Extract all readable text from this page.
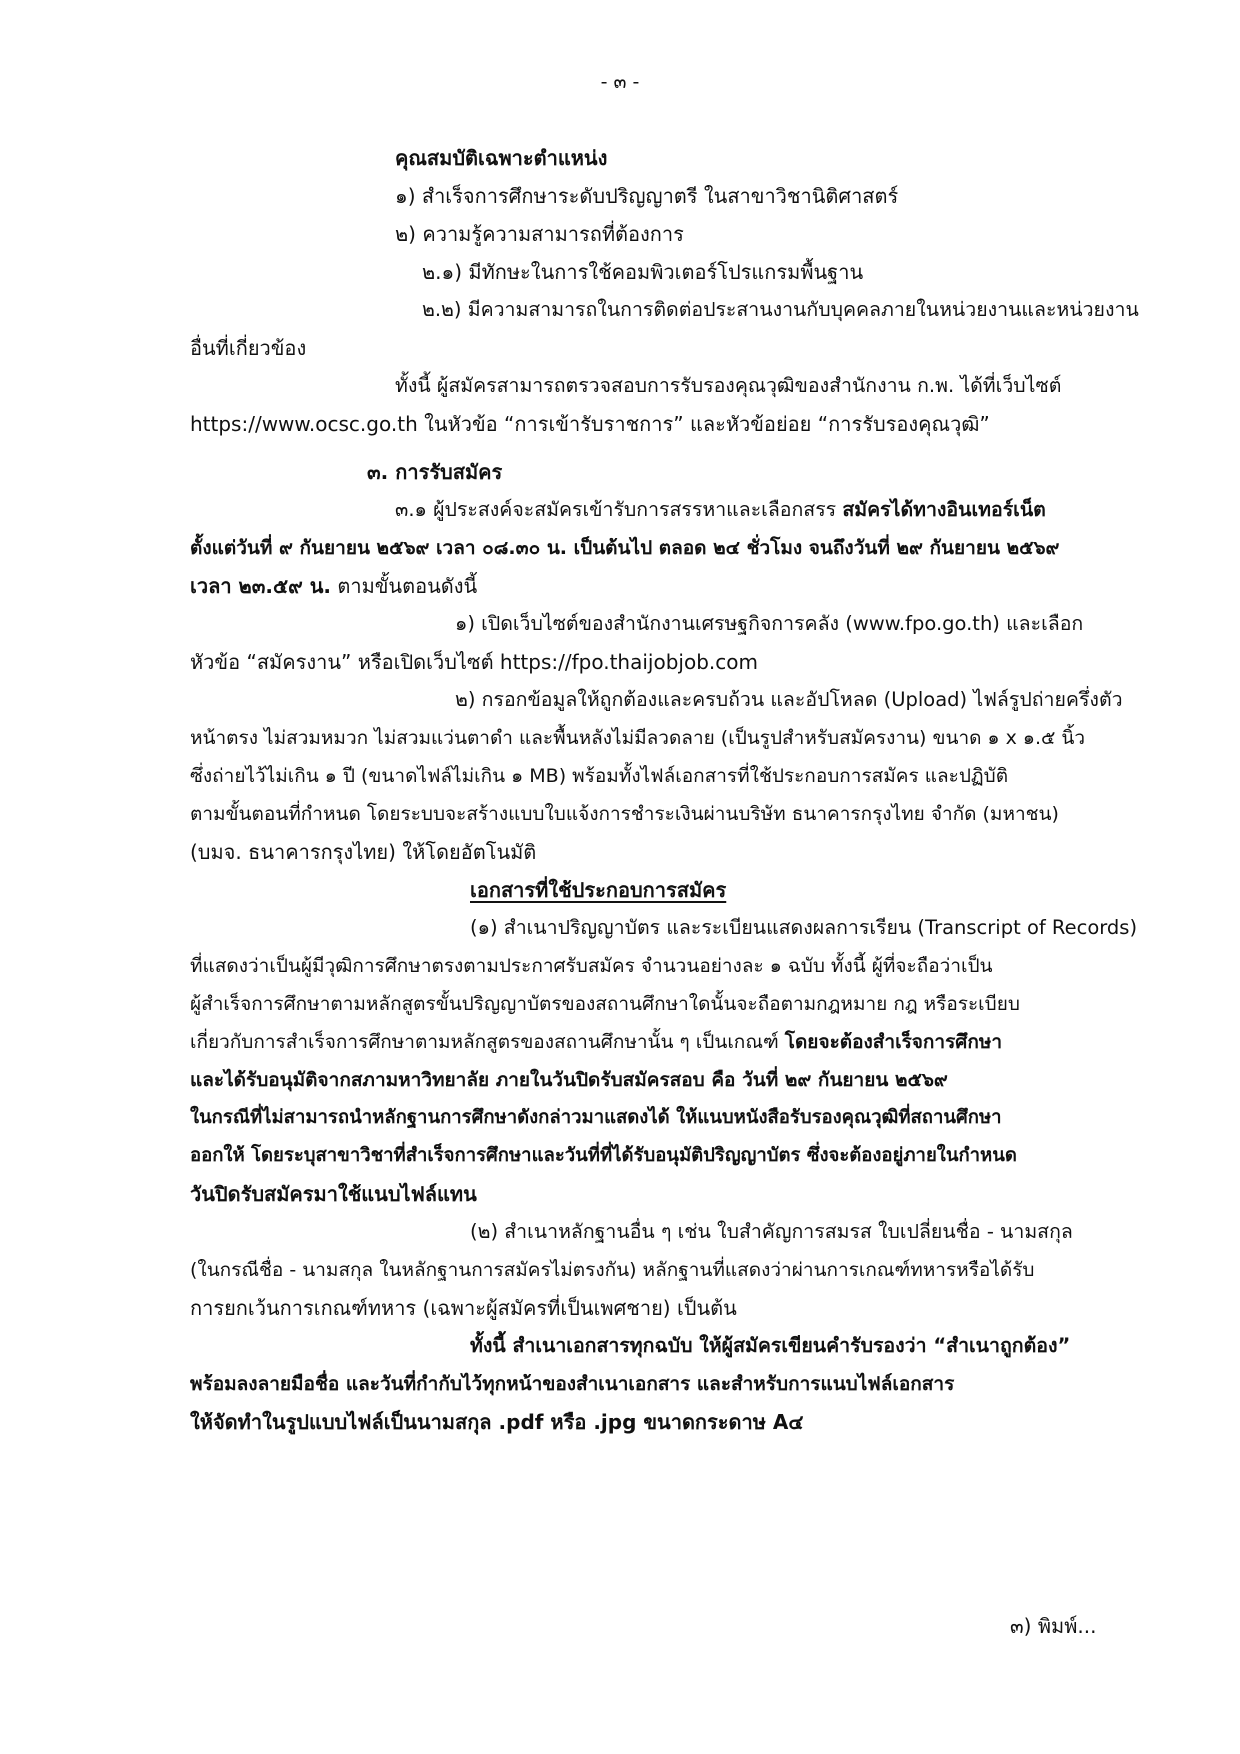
- ๓ -
คุณสมบัติเฉพาะตำแหน่ง
๑) สำเร็จการศึกษาระดับปริญญาตรี ในสาขาวิชานิติศาสตร์
๒) ความรู้ความสามารถที่ต้องการ
๒.๑) มีทักษะในการใช้คอมพิวเตอร์โปรแกรมพื้นฐาน
๒.๒) มีความสามารถในการติดต่อประสานงานกับบุคคลภายในหน่วยงานและหน่วยงาน
อื่นที่เกี่ยวข้อง
ทั้งนี้ ผู้สมัครสามารถตรวจสอบการรับรองคุณวุฒิของสำนักงาน ก.พ. ได้ที่เว็บไซต์
https://www.ocsc.go.th ในหัวข้อ “การเข้ารับราชการ” และหัวข้อย่อย “การรับรองคุณวุฒิ”
๓. การรับสมัคร
๓.๑ ผู้ประสงค์จะสมัครเข้ารับการสรรหาและเลือกสรร สมัครได้ทางอินเทอร์เน็ต
ตั้งแต่วันที่ ๙ กันยายน ๒๕๖๙ เวลา ๐๘.๓๐ น. เป็นต้นไป ตลอด ๒๔ ชั่วโมง จนถึงวันที่ ๒๙ กันยายน ๒๕๖๙
เวลา ๒๓.๕๙ น. ตามขั้นตอนดังนี้
๑) เปิดเว็บไซต์ของสำนักงานเศรษฐกิจการคลัง (www.fpo.go.th) และเลือก
หัวข้อ “สมัครงาน” หรือเปิดเว็บไซต์ https://fpo.thaijobjob.com
๒) กรอกข้อมูลให้ถูกต้องและครบถ้วน และอัปโหลด (Upload) ไฟล์รูปถ่ายครึ่งตัว
หน้าตรง ไม่สวมหมวก ไม่สวมแว่นตาดำ และพื้นหลังไม่มีลวดลาย (เป็นรูปสำหรับสมัครงาน) ขนาด ๑ x ๑.๕ นิ้ว
ซึ่งถ่ายไว้ไม่เกิน ๑ ปี (ขนาดไฟล์ไม่เกิน ๑ MB) พร้อมทั้งไฟล์เอกสารที่ใช้ประกอบการสมัคร และปฏิบัติ
ตามขั้นตอนที่กำหนด โดยระบบจะสร้างแบบใบแจ้งการชำระเงินผ่านบริษัท ธนาคารกรุงไทย จำกัด (มหาชน)
(บมจ. ธนาคารกรุงไทย) ให้โดยอัตโนมัติ
เอกสารที่ใช้ประกอบการสมัคร
(๑) สำเนาปริญญาบัตร และระเบียนแสดงผลการเรียน (Transcript of Records)
ที่แสดงว่าเป็นผู้มีวุฒิการศึกษาตรงตามประกาศรับสมัคร จำนวนอย่างละ ๑ ฉบับ ทั้งนี้ ผู้ที่จะถือว่าเป็น
ผู้สำเร็จการศึกษาตามหลักสูตรขั้นปริญญาบัตรของสถานศึกษาใดนั้นจะถือตามกฎหมาย กฎ หรือระเบียบ
เกี่ยวกับการสำเร็จการศึกษาตามหลักสูตรของสถานศึกษานั้น ๆ เป็นเกณฑ์ โดยจะต้องสำเร็จการศึกษา
และได้รับอนุมัติจากสภามหาวิทยาลัย ภายในวันปิดรับสมัครสอบ คือ วันที่ ๒๙ กันยายน ๒๕๖๙
ในกรณีที่ไม่สามารถนำหลักฐานการศึกษาดังกล่าวมาแสดงได้ ให้แนบหนังสือรับรองคุณวุฒิที่สถานศึกษา
ออกให้ โดยระบุสาขาวิชาที่สำเร็จการศึกษาและวันที่ที่ได้รับอนุมัติปริญญาบัตร ซึ่งจะต้องอยู่ภายในกำหนด
วันปิดรับสมัครมาใช้แนบไฟล์แทน
(๒) สำเนาหลักฐานอื่น ๆ เช่น ใบสำคัญการสมรส ใบเปลี่ยนชื่อ - นามสกุล
(ในกรณีชื่อ - นามสกุล ในหลักฐานการสมัครไม่ตรงกัน) หลักฐานที่แสดงว่าผ่านการเกณฑ์ทหารหรือได้รับ
การยกเว้นการเกณฑ์ทหาร (เฉพาะผู้สมัครที่เป็นเพศชาย) เป็นต้น
ทั้งนี้ สำเนาเอกสารทุกฉบับ ให้ผู้สมัครเขียนคำรับรองว่า “สำเนาถูกต้อง”
พร้อมลงลายมือชื่อ และวันที่กำกับไว้ทุกหน้าของสำเนาเอกสาร และสำหรับการแนบไฟล์เอกสาร
ให้จัดทำในรูปแบบไฟล์เป็นนามสกุล .pdf หรือ .jpg ขนาดกระดาษ A๔
๓) พิมพ์...
